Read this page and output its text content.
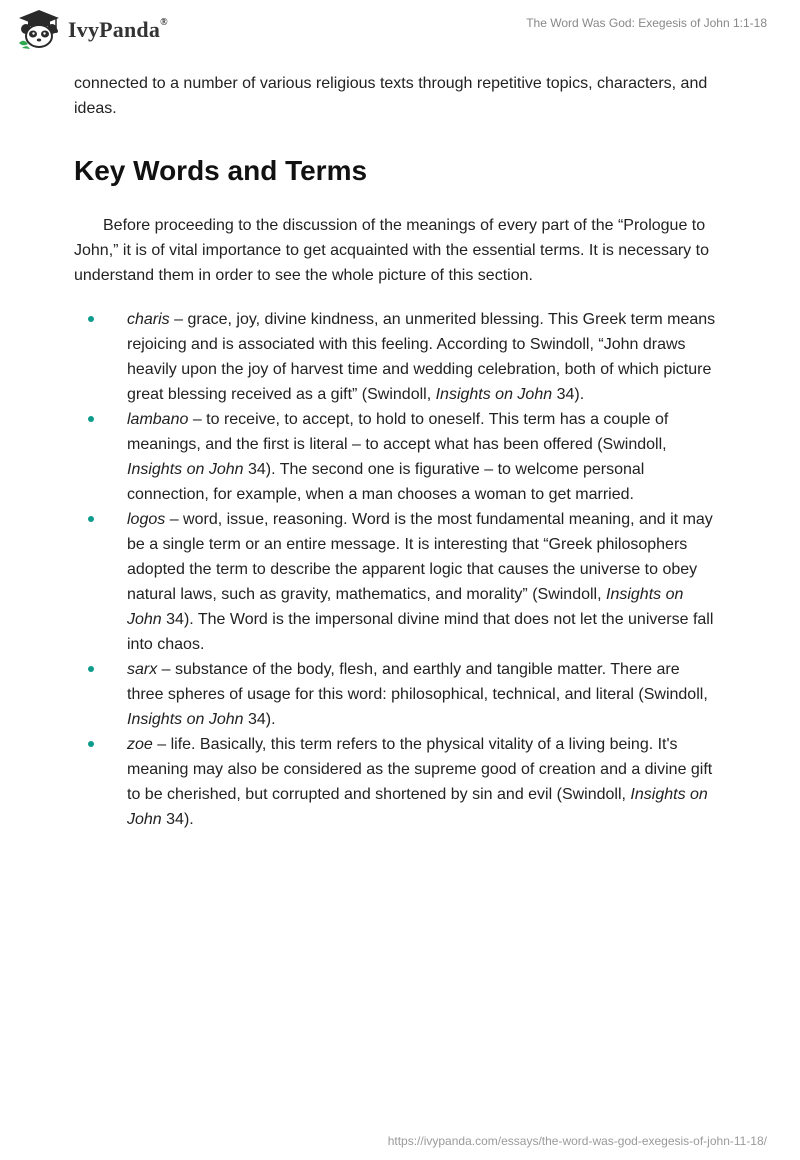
IvyPanda®	The Word Was God: Exegesis of John 1:1-18

connected to a number of various religious texts through repetitive topics, characters, and ideas.

Key Words and Terms

Before proceeding to the discussion of the meanings of every part of the “Prologue to John,” it is of vital importance to get acquainted with the essential terms. It is necessary to understand them in order to see the whole picture of this section.

charis – grace, joy, divine kindness, an unmerited blessing. This Greek term means rejoicing and is associated with this feeling. According to Swindoll, “John draws heavily upon the joy of harvest time and wedding celebration, both of which picture great blessing received as a gift” (Swindoll, Insights on John 34).
lambano – to receive, to accept, to hold to oneself. This term has a couple of meanings, and the first is literal – to accept what has been offered (Swindoll, Insights on John 34). The second one is figurative – to welcome personal connection, for example, when a man chooses a woman to get married.
logos – word, issue, reasoning. Word is the most fundamental meaning, and it may be a single term or an entire message. It is interesting that “Greek philosophers adopted the term to describe the apparent logic that causes the universe to obey natural laws, such as gravity, mathematics, and morality” (Swindoll, Insights on John 34). The Word is the impersonal divine mind that does not let the universe fall into chaos.
sarx – substance of the body, flesh, and earthly and tangible matter. There are three spheres of usage for this word: philosophical, technical, and literal (Swindoll, Insights on John 34).
zoe – life. Basically, this term refers to the physical vitality of a living being. It's meaning may also be considered as the supreme good of creation and a divine gift to be cherished, but corrupted and shortened by sin and evil (Swindoll, Insights on John 34).
https://ivypanda.com/essays/the-word-was-god-exegesis-of-john-11-18/
